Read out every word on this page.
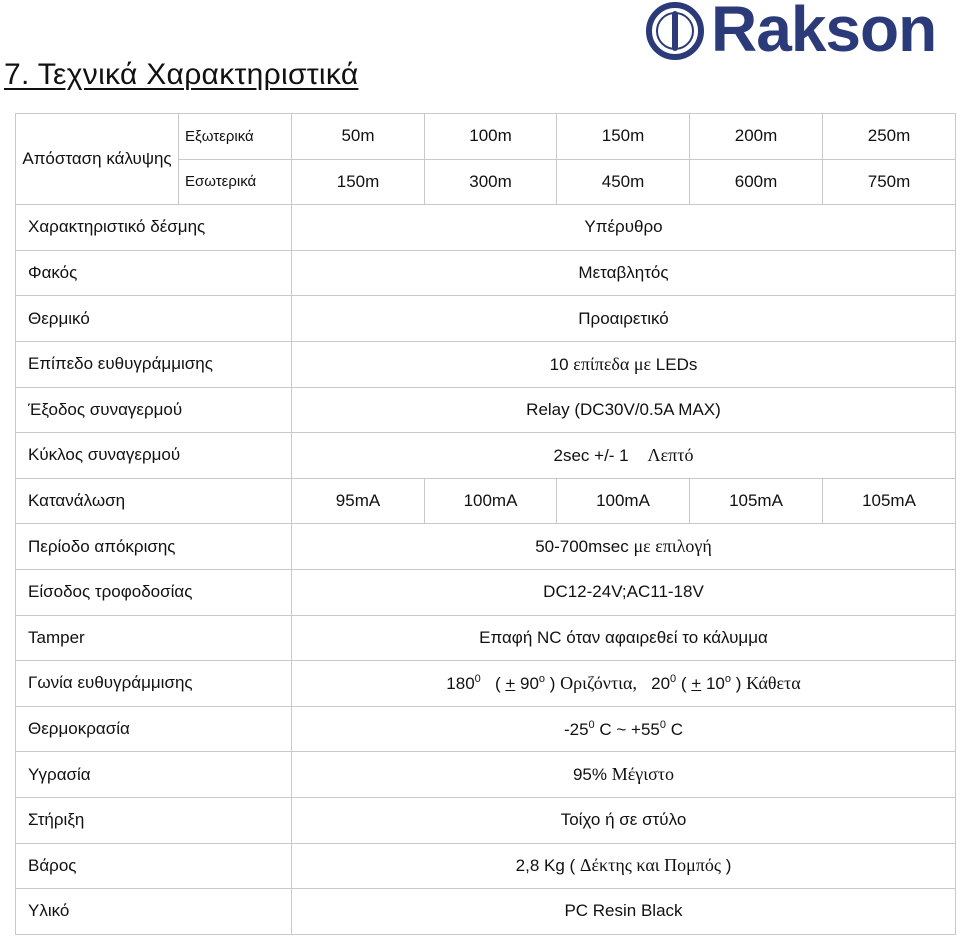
7. Τεχνικά Χαρακτηριστικά
Rakson
Απόσταση κάλυψης	Εξωτερικά	50m	100m	150m	200m	250m
	Εσωτερικά	150m	300m	450m	600m	750m
Χαρακτηριστικό δέσμης		Υπέρυθρο				
Φακός		Μεταβλητός				
Θερμικό		Προαιρετικό				
Επίπεδο ευθυγράμμισης		10 επίπεδα με LEDs				
Έξοδος συναγερμού		Relay (DC30V/0.5A MAX)				
Κύκλος συναγερμού		2sec +/- 1 Λεπτό				
Κατανάλωση		95mA	100mA	100mA	105mA	105mA
Περίοδο απόκρισης		50-700msec με επιλογή				
Είσοδος τροφοδοσίας		DC12-24V;AC11-18V				
Tamper		Επαφή NC όταν αφαιρεθεί το κάλυμμα				
Γωνία ευθυγράμμισης		$180^0$ ( + $90^o$ ) Οριζόντια, $20^0$ ( + $10^o$ ) Κάθετα				
Θερμοκρασία		$-25^0$ C ~ $+55^0$ C				
Υγρασία		95% Μέγιστο				
Στήριξη		Τοίχο ή σε στύλο				
Βάρος		2,8 Kg ( Δέκτης και Πομπός )				
Υλικό		PC Resin Black				
